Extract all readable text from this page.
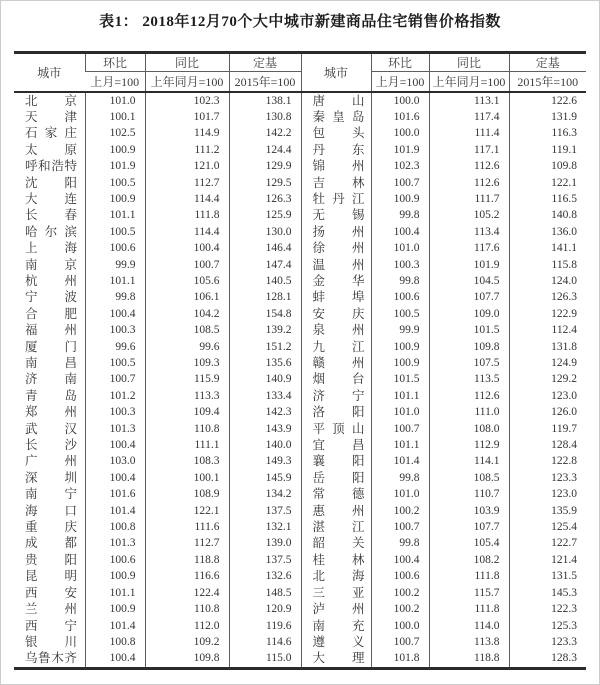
表1： 2018年12月70个大中城市新建商品住宅销售价格指数
城市	环比	同比	定基	城市	环比	同比	定基
	上月=100	上年同月=100	2015年=100		上月=100	上年同月=100	2015年=100
北京	101.0	102.3	138.1	唐山	100.0	113.1	122.6
天津	100.1	101.7	130.8	秦皇岛	101.6	117.4	131.9
石家庄	102.5	114.9	142.2	包头	100.0	111.4	116.3
太原	100.9	111.2	124.4	丹东	101.9	117.1	119.1
呼和浩特	101.9	121.0	129.9	锦州	102.3	112.6	109.8
沈阳	100.5	112.7	129.5	吉林	100.7	112.6	122.1
大连	100.9	114.4	126.3	牡丹江	100.9	111.7	116.5
长春	101.1	111.8	125.9	无锡	99.8	105.2	140.8
哈尔滨	100.5	114.4	130.0	扬州	100.4	113.4	136.0
上海	100.6	100.4	146.4	徐州	101.0	117.6	141.1
南京	99.9	100.7	147.4	温州	100.3	101.9	115.8
杭州	101.1	105.6	140.5	金华	99.8	104.5	124.0
宁波	99.8	106.1	128.1	蚌埠	100.6	107.7	126.3
合肥	100.4	104.2	154.8	安庆	100.5	109.0	122.9
福州	100.3	108.5	139.2	泉州	99.9	101.5	112.4
厦门	99.6	99.6	151.2	九江	100.9	109.8	131.8
南昌	100.5	109.3	135.6	赣州	100.9	107.5	124.9
济南	100.7	115.9	140.9	烟台	101.5	113.5	129.2
青岛	101.2	113.3	133.4	济宁	101.1	112.6	123.0
郑州	100.3	109.4	142.3	洛阳	101.0	111.0	126.0
武汉	101.3	110.8	143.9	平顶山	100.7	108.0	119.7
长沙	100.4	111.1	140.0	宜昌	101.1	112.9	128.4
广州	103.0	108.3	149.3	襄阳	101.4	114.1	122.8
深圳	100.4	100.1	145.9	岳阳	99.8	108.5	123.3
南宁	101.6	108.9	134.2	常德	101.0	110.7	123.0
海口	101.4	122.1	137.5	惠州	100.2	103.9	135.9
重庆	100.8	111.6	132.1	湛江	100.7	107.7	125.4
成都	101.3	112.7	139.0	韶关	99.8	105.4	122.7
贵阳	100.6	118.8	137.5	桂林	100.4	108.2	121.4
昆明	100.9	116.6	132.6	北海	100.6	111.8	131.5
西安	101.1	122.4	148.5	三亚	100.2	115.7	145.3
兰州	100.9	110.8	120.9	泸州	100.2	111.8	122.3
西宁	101.4	112.0	119.6	南充	100.0	114.0	125.3
银川	100.8	109.2	114.6	遵义	100.7	113.8	123.3
乌鲁木齐	100.4	109.8	115.0	大理	101.8	118.8	128.3
